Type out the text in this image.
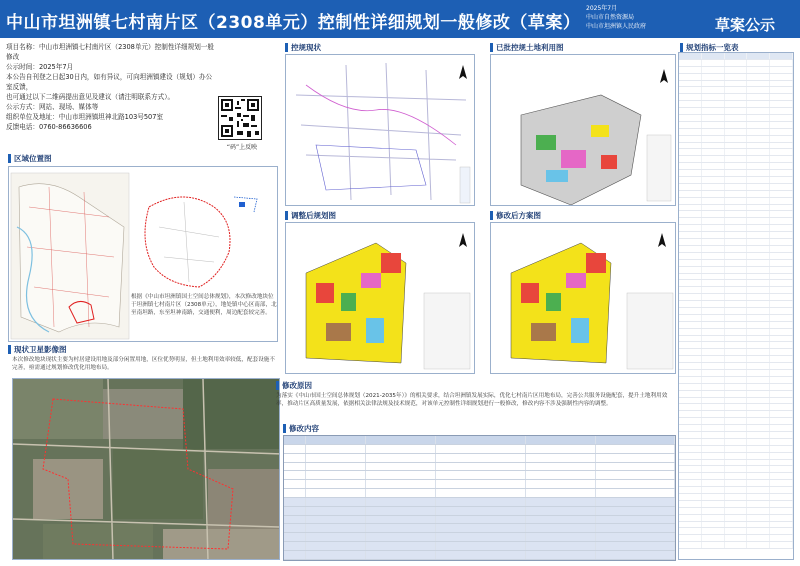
中山市坦洲镇七村南片区（2308单元）控制性详细规划一般修改（草案）
2025年7月
中山市自然资源局
中山市坦洲镇人民政府	草案公示
项目名称：中山市坦洲镇七村南片区（2308单元）控制性详细规划一般修改
公示时间：2025年7月
本公告自刊登之日起30日内，如有异议，可向坦洲镇建设（规划）办公室反馈，
也可通过以下二维码提出意见及建议（请注明联系方式）。
公示方式：网站、现场、媒体等
组织单位及地址：中山市坦洲镇坦神北路103号507室
反馈电话：0760-86636606
“码”上反映
区域位置图
根据《中山市坦洲镇国土空间总体规划》，本次修改地块位于坦洲镇七村南片区（2308单元），地处镇中心区南部，北至南坦路，东至坦神南路，交通便利，周边配套较完善。
现状卫星影像图
本次修改地块现状主要为村居建设用地及部分闲置用地，区位优势明显，但土地利用效率较低，配套设施不完善，亟需通过规划修改优化用地布局。
控规现状	已批控规土地利用图
调整后规划图	修改后方案图
规划指标一览表
修改原因
为落实《中山市国土空间总体规划（2021-2035年）》的相关要求，结合坦洲镇发展实际，优化七村南片区用地布局，完善公共服务设施配套，提升土地利用效率，推动片区高质量发展，依据相关法律法规及技术规范，对该单元控制性详细规划进行一般修改，修改内容不涉及强制性内容的调整。
修改内容
